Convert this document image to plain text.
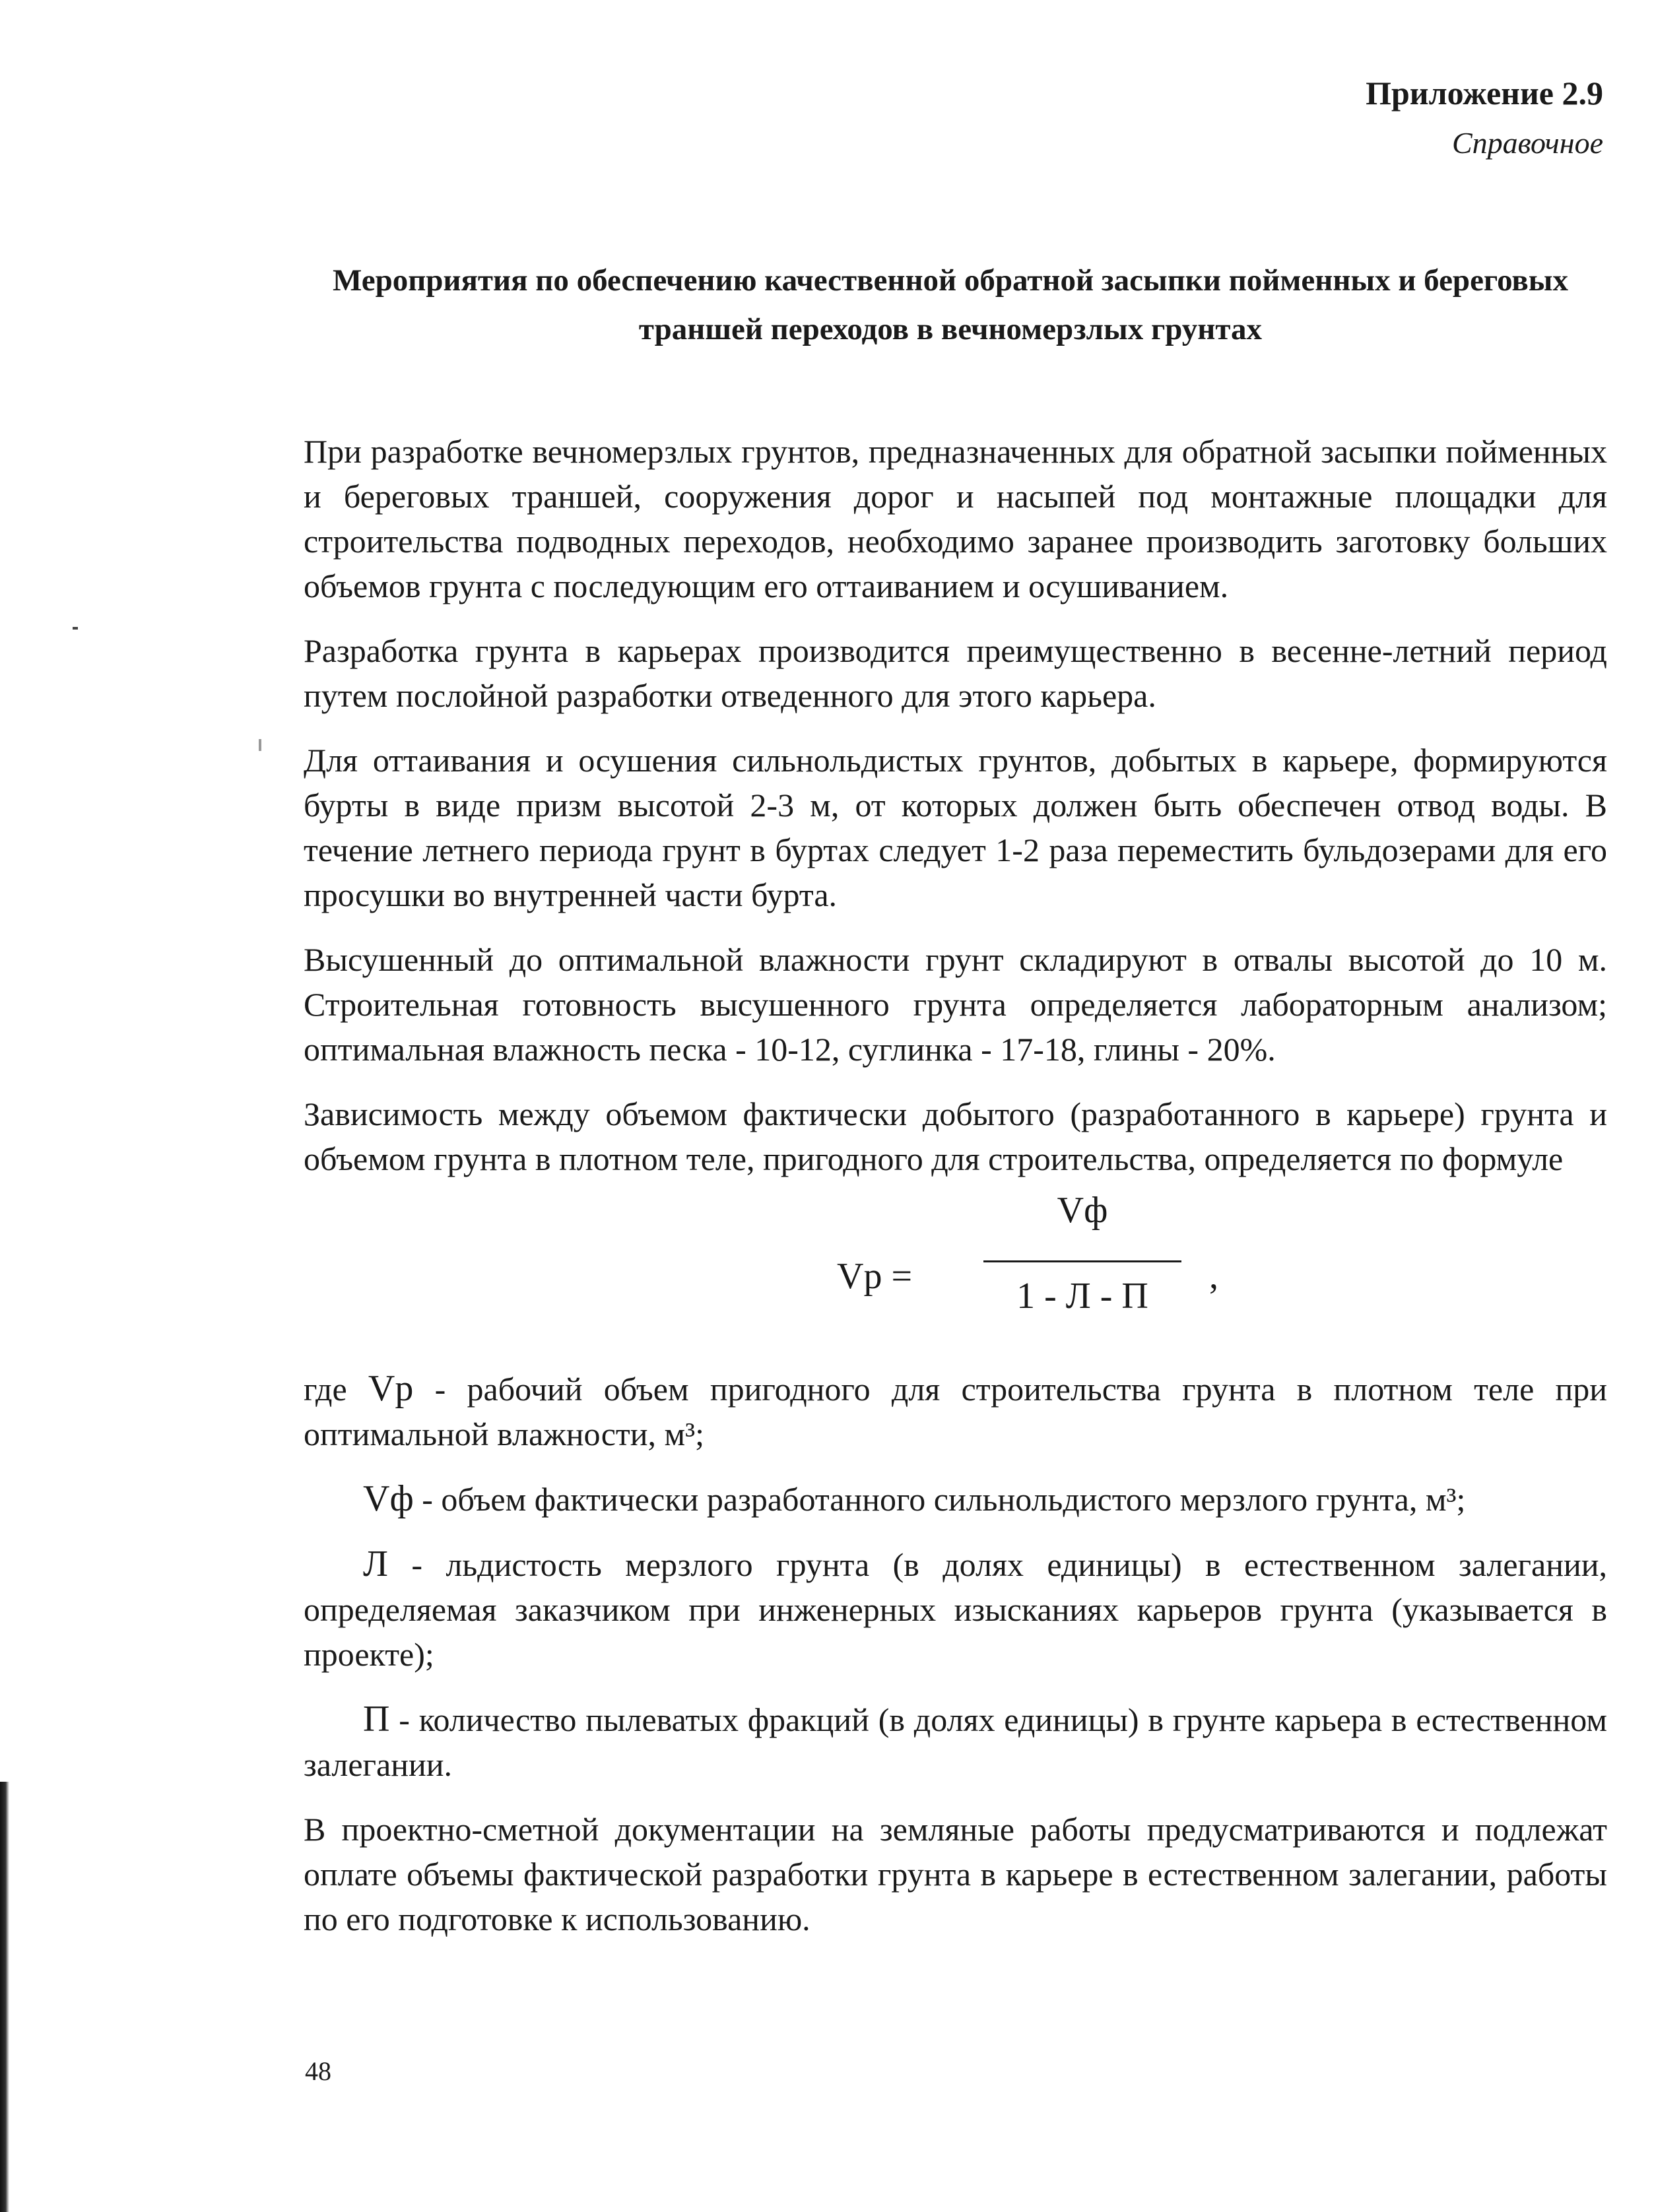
Приложение 2.9
Справочное
Мероприятия по обеспечению качественной обратной засыпки пойменных и береговых траншей переходов в вечномерзлых грунтах

При разработке вечномерзлых грунтов, предназначенных для обратной засыпки пойменных и береговых траншей, сооружения дорог и насыпей под монтажные площадки для строительства подводных переходов, необходимо заранее производить заготовку больших объемов грунта с последующим его оттаиванием и осушиванием.

Разработка грунта в карьерах производится преимущественно в весенне-летний период путем послойной разработки отведенного для этого карьера.

Для оттаивания и осушения сильнольдистых грунтов, добытых в карьере, формируются бурты в виде призм высотой 2-3 м, от которых должен быть обеспечен отвод воды. В течение летнего периода грунт в буртах следует 1-2 раза переместить бульдозерами для его просушки во внутренней части бурта.

Высушенный до оптимальной влажности грунт складируют в отвалы высотой до 10 м. Строительная готовность высушенного грунта определяется лабораторным анализом; оптимальная влажность песка - 10-12, суглинка - 17-18, глины - 20%.

Зависимость между объемом фактически добытого (разработанного в карьере) грунта и объемом грунта в плотном теле, пригодного для строительства, определяется по формуле

Vр =
Vф
1 - Л - П	,

где Vр - рабочий объем пригодного для строительства грунта в плотном теле при оптимальной влажности, м³;

Vф - объем фактически разработанного сильнольдистого мерзлого грунта, м³;

Л - льдистость мерзлого грунта (в долях единицы) в естественном залегании, определяемая заказчиком при инженерных изысканиях карьеров грунта (указывается в проекте);

П - количество пылеватых фракций (в долях единицы) в грунте карьера в естественном залегании.

В проектно-сметной документации на земляные работы предусматриваются и подлежат оплате объемы фактической разработки грунта в карьере в естественном залегании, работы по его подготовке к использованию.

48
